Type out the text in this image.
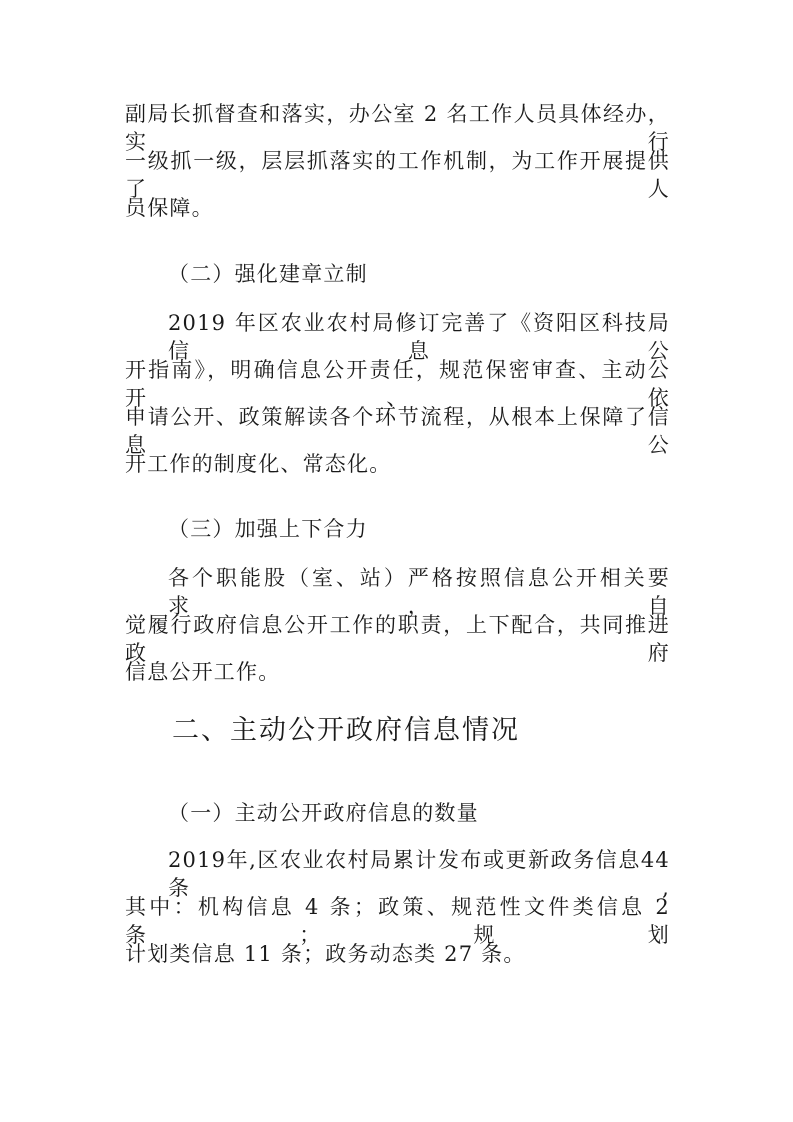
副局长抓督查和落实，办公室 2 名工作人员具体经办，实行
一级抓一级，层层抓落实的工作机制，为工作开展提供了人
员保障。
（二）强化建章立制
2019 年区农业农村局修订完善了《资阳区科技局信息公
开指南》，明确信息公开责任，规范保密审查、主动公开、依
申请公开、政策解读各个环节流程，从根本上保障了信息公
开工作的制度化、常态化。
（三）加强上下合力
各个职能股（室、站）严格按照信息公开相关要求，自
觉履行政府信息公开工作的职责，上下配合，共同推进政府
信息公开工作。
二、主动公开政府信息情况
（一）主动公开政府信息的数量
2019年,区农业农村局累计发布或更新政务信息44条,
其中：机构信息 4 条；政策、规范性文件类信息 2 条；规划
计划类信息 11 条；政务动态类 27 条。
